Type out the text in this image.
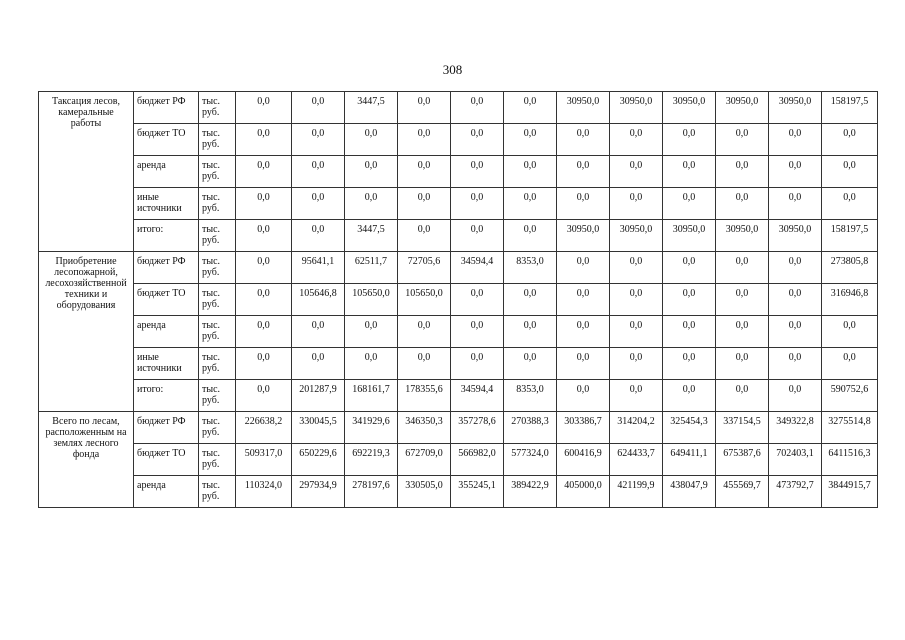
308
Таксация лесов, камеральные работы	бюджет РФ	тыс. руб.	0,0	0,0	3447,5	0,0	0,0	0,0	30950,0	30950,0	30950,0	30950,0	30950,0	158197,5
	бюджет ТО	тыс. руб.	0,0	0,0	0,0	0,0	0,0	0,0	0,0	0,0	0,0	0,0	0,0	0,0
	аренда	тыс. руб.	0,0	0,0	0,0	0,0	0,0	0,0	0,0	0,0	0,0	0,0	0,0	0,0
	иные источники	тыс. руб.	0,0	0,0	0,0	0,0	0,0	0,0	0,0	0,0	0,0	0,0	0,0	0,0
	итого:	тыс. руб.	0,0	0,0	3447,5	0,0	0,0	0,0	30950,0	30950,0	30950,0	30950,0	30950,0	158197,5
Приобретение лесопожарной, лесохозяйственной техники и оборудования	бюджет РФ	тыс. руб.	0,0	95641,1	62511,7	72705,6	34594,4	8353,0	0,0	0,0	0,0	0,0	0,0	273805,8
	бюджет ТО	тыс. руб.	0,0	105646,8	105650,0	105650,0	0,0	0,0	0,0	0,0	0,0	0,0	0,0	316946,8
	аренда	тыс. руб.	0,0	0,0	0,0	0,0	0,0	0,0	0,0	0,0	0,0	0,0	0,0	0,0
	иные источники	тыс. руб.	0,0	0,0	0,0	0,0	0,0	0,0	0,0	0,0	0,0	0,0	0,0	0,0
	итого:	тыс. руб.	0,0	201287,9	168161,7	178355,6	34594,4	8353,0	0,0	0,0	0,0	0,0	0,0	590752,6
Всего по лесам, расположенным на землях лесного фонда	бюджет РФ	тыс. руб.	226638,2	330045,5	341929,6	346350,3	357278,6	270388,3	303386,7	314204,2	325454,3	337154,5	349322,8	3275514,8
	бюджет ТО	тыс. руб.	509317,0	650229,6	692219,3	672709,0	566982,0	577324,0	600416,9	624433,7	649411,1	675387,6	702403,1	6411516,3
	аренда	тыс. руб.	110324,0	297934,9	278197,6	330505,0	355245,1	389422,9	405000,0	421199,9	438047,9	455569,7	473792,7	3844915,7
